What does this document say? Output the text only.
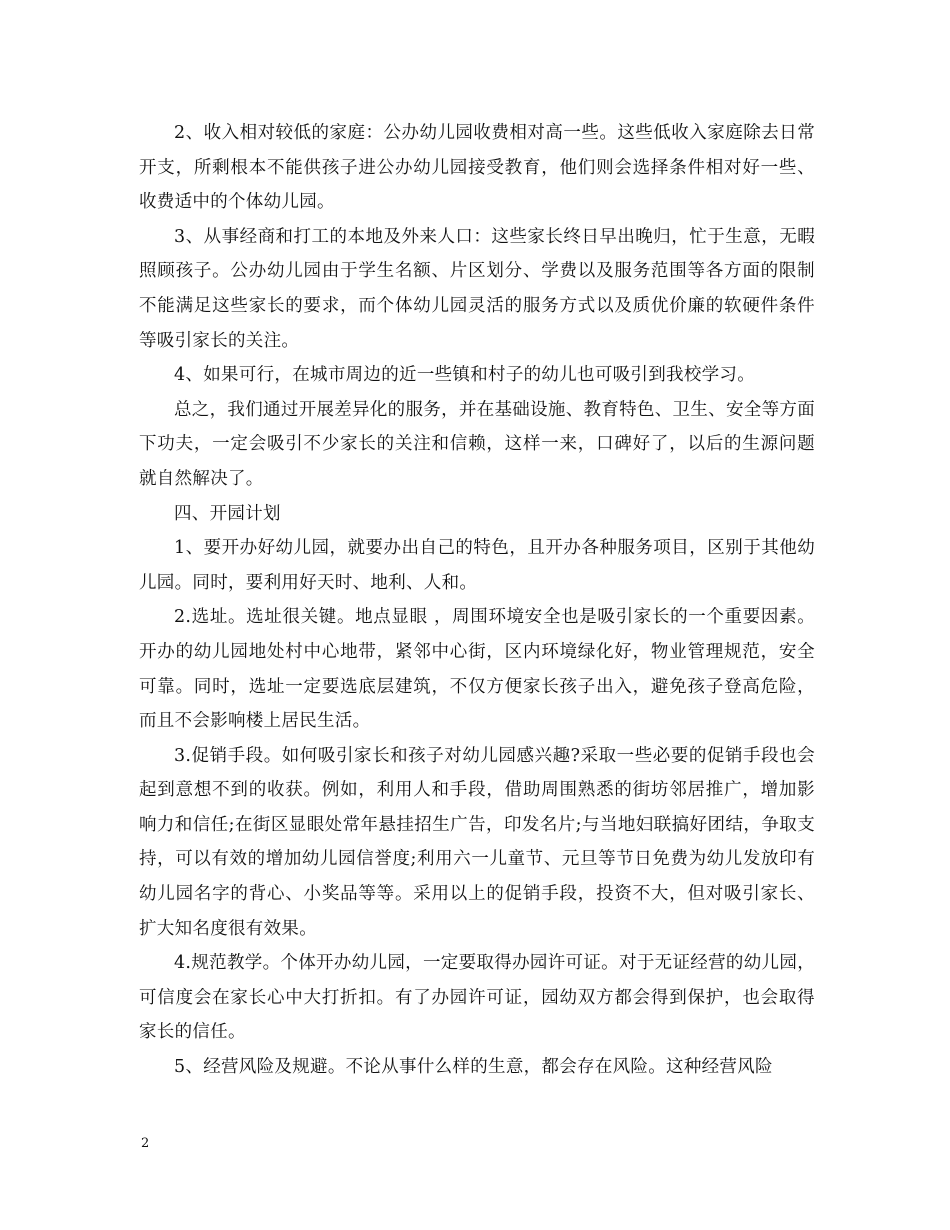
2、收入相对较低的家庭：公办幼儿园收费相对高一些。这些低收入家庭除去日常开支，所剩根本不能供孩子进公办幼儿园接受教育，他们则会选择条件相对好一些、收费适中的个体幼儿园。

3、从事经商和打工的本地及外来人口：这些家长终日早出晚归，忙于生意，无暇照顾孩子。公办幼儿园由于学生名额、片区划分、学费以及服务范围等各方面的限制不能满足这些家长的要求，而个体幼儿园灵活的服务方式以及质优价廉的软硬件条件等吸引家长的关注。

4、如果可行，在城市周边的近一些镇和村子的幼儿也可吸引到我校学习。

总之，我们通过开展差异化的服务，并在基础设施、教育特色、卫生、安全等方面下功夫，一定会吸引不少家长的关注和信赖，这样一来，口碑好了，以后的生源问题就自然解决了。

四、开园计划

1、要开办好幼儿园，就要办出自己的特色，且开办各种服务项目，区别于其他幼儿园。同时，要利用好天时、地利、人和。

2.选址。选址很关键。地点显眼 ，周围环境安全也是吸引家长的一个重要因素。开办的幼儿园地处村中心地带，紧邻中心街，区内环境绿化好，物业管理规范，安全可靠。同时，选址一定要选底层建筑，不仅方便家长孩子出入，避免孩子登高危险，而且不会影响楼上居民生活。

3.促销手段。如何吸引家长和孩子对幼儿园感兴趣?采取一些必要的促销手段也会起到意想不到的收获。例如，利用人和手段，借助周围熟悉的街坊邻居推广，增加影响力和信任;在街区显眼处常年悬挂招生广告，印发名片;与当地妇联搞好团结，争取支持，可以有效的增加幼儿园信誉度;利用六一儿童节、元旦等节日免费为幼儿发放印有幼儿园名字的背心、小奖品等等。采用以上的促销手段，投资不大，但对吸引家长、扩大知名度很有效果。

4.规范教学。个体开办幼儿园，一定要取得办园许可证。对于无证经营的幼儿园，可信度会在家长心中大打折扣。有了办园许可证，园幼双方都会得到保护，也会取得家长的信任。

5、经营风险及规避。不论从事什么样的生意，都会存在风险。这种经营风险

2
